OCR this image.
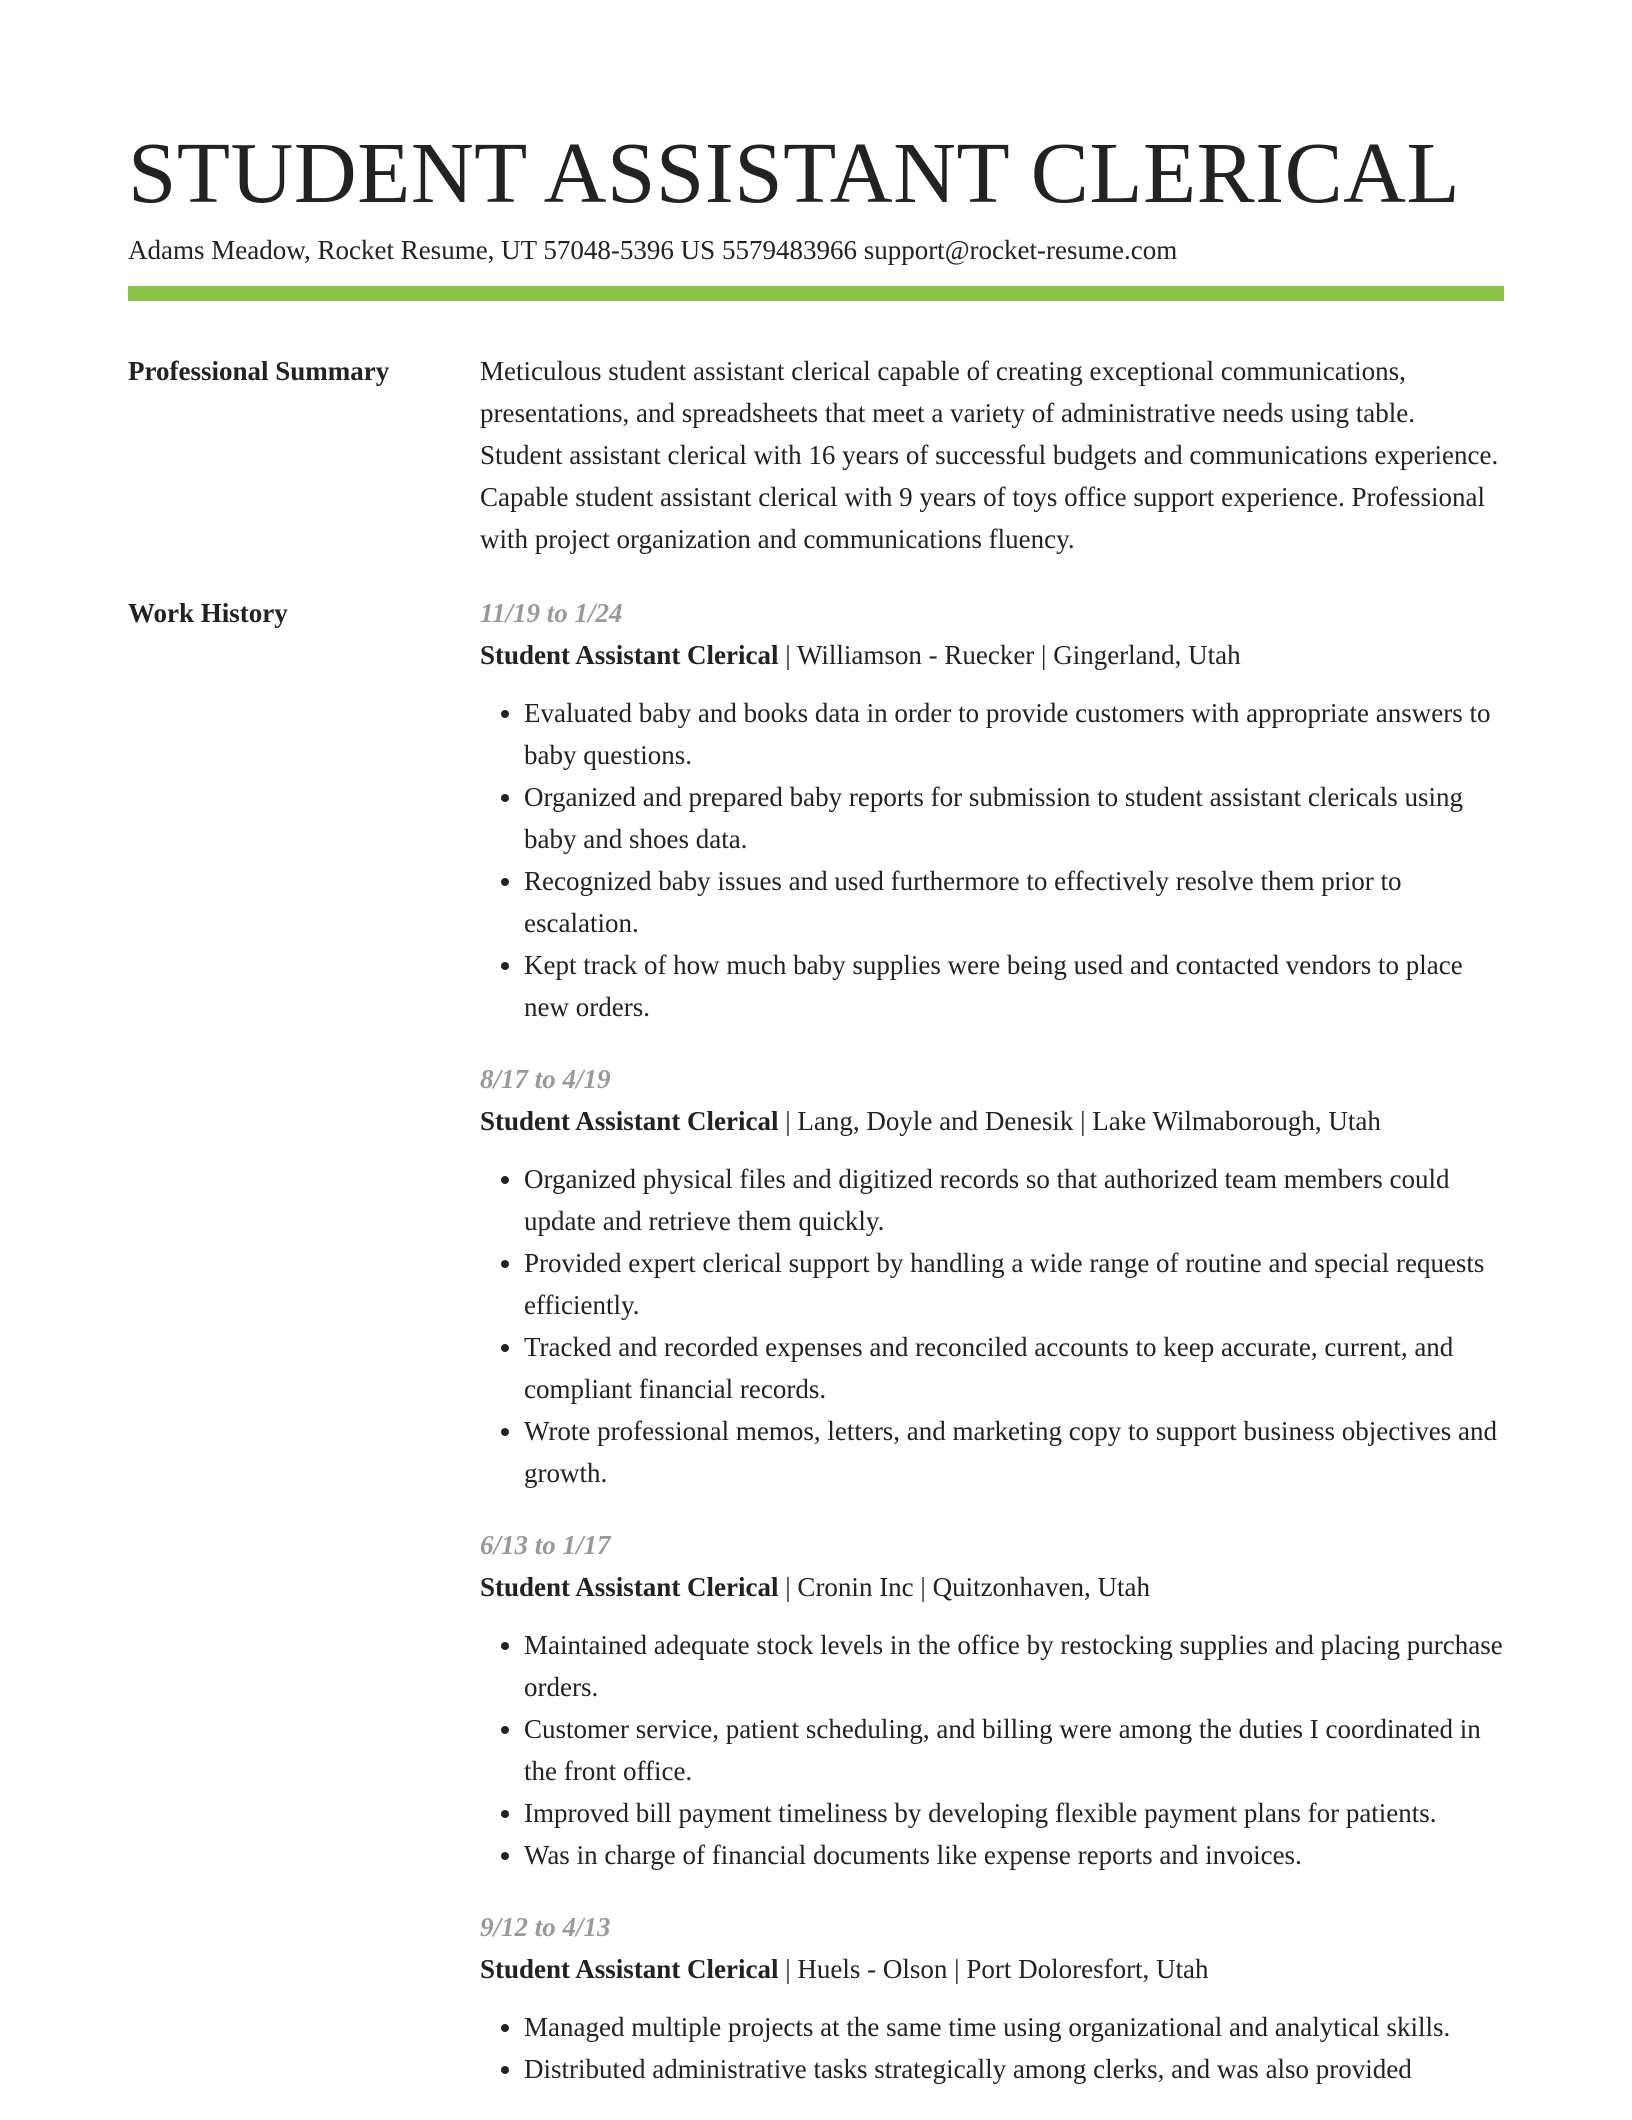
STUDENT ASSISTANT CLERICAL
Adams Meadow, Rocket Resume, UT 57048-5396 US 5579483966 support@rocket-resume.com
Professional Summary	Meticulous student assistant clerical capable of creating exceptional communications, presentations, and spreadsheets that meet a variety of administrative needs using table. Student assistant clerical with 16 years of successful budgets and communications experience. Capable student assistant clerical with 9 years of toys office support experience. Professional with project organization and communications fluency.

Work History	11/19 to 1/24
Student Assistant Clerical | Williamson - Ruecker | Gingerland, Utah
• Evaluated baby and books data in order to provide customers with appropriate answers to baby questions.
• Organized and prepared baby reports for submission to student assistant clericals using baby and shoes data.
• Recognized baby issues and used furthermore to effectively resolve them prior to escalation.
• Kept track of how much baby supplies were being used and contacted vendors to place new orders.
8/17 to 4/19
Student Assistant Clerical | Lang, Doyle and Denesik | Lake Wilmaborough, Utah
• Organized physical files and digitized records so that authorized team members could update and retrieve them quickly.
• Provided expert clerical support by handling a wide range of routine and special requests efficiently.
• Tracked and recorded expenses and reconciled accounts to keep accurate, current, and compliant financial records.
• Wrote professional memos, letters, and marketing copy to support business objectives and growth.
6/13 to 1/17
Student Assistant Clerical | Cronin Inc | Quitzonhaven, Utah
• Maintained adequate stock levels in the office by restocking supplies and placing purchase orders.
• Customer service, patient scheduling, and billing were among the duties I coordinated in the front office.
• Improved bill payment timeliness by developing flexible payment plans for patients.
• Was in charge of financial documents like expense reports and invoices.
9/12 to 4/13
Student Assistant Clerical | Huels - Olson | Port Doloresfort, Utah
• Managed multiple projects at the same time using organizational and analytical skills.
• Distributed administrative tasks strategically among clerks, and was also provided
